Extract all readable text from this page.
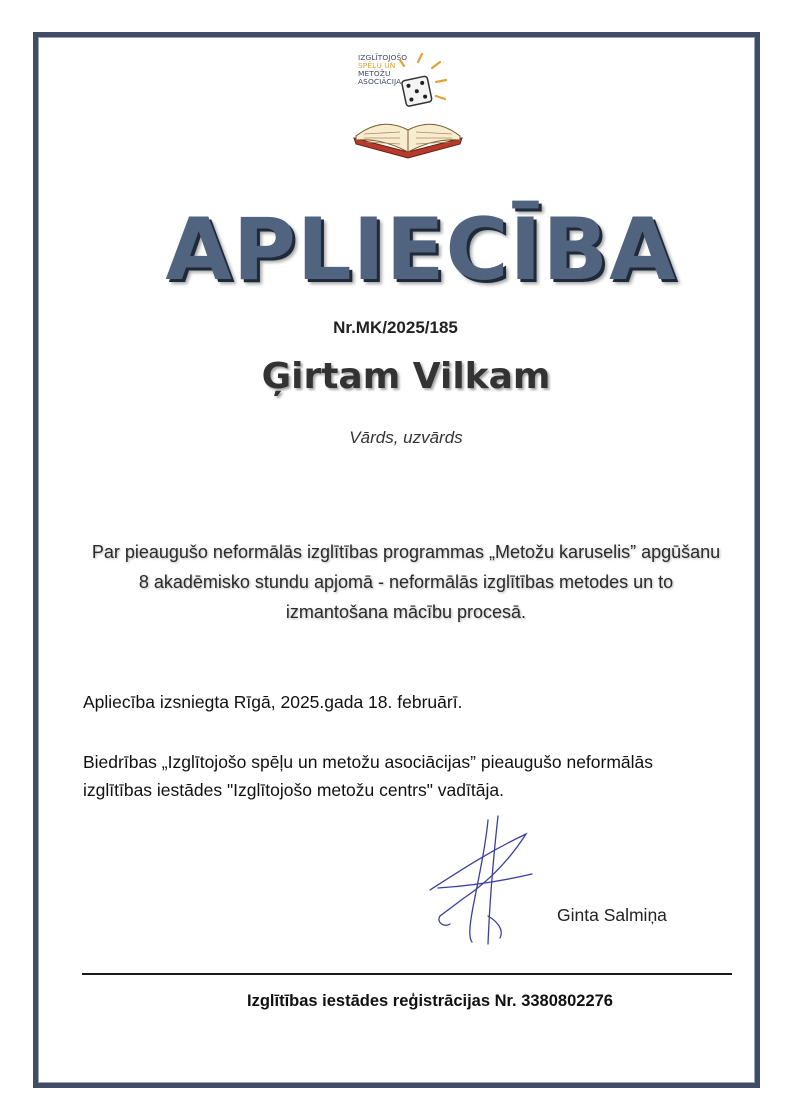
IZGLĪTOJOŠO
SPĒĻU UN
METOŽU
ASOCIĀCIJA
APLIECĪBA
Nr.MK/2025/185
Ģirtam Vilkam
Vārds, uzvārds
Par pieaugušo neformālās izglītības programmas „Metožu karuselis” apgūšanu 8 akadēmisko stundu apjomā - neformālās izglītības metodes un to izmantošana mācību procesā.
Apliecība izsniegta Rīgā, 2025.gada 18. februārī.
Biedrības „Izglītojošo spēļu un metožu asociācijas” pieaugušo neformālās izglītības iestādes "Izglītojošo metožu centrs" vadītāja.
Ginta Salmiņa
Izglītības iestādes reģistrācijas Nr. 3380802276
